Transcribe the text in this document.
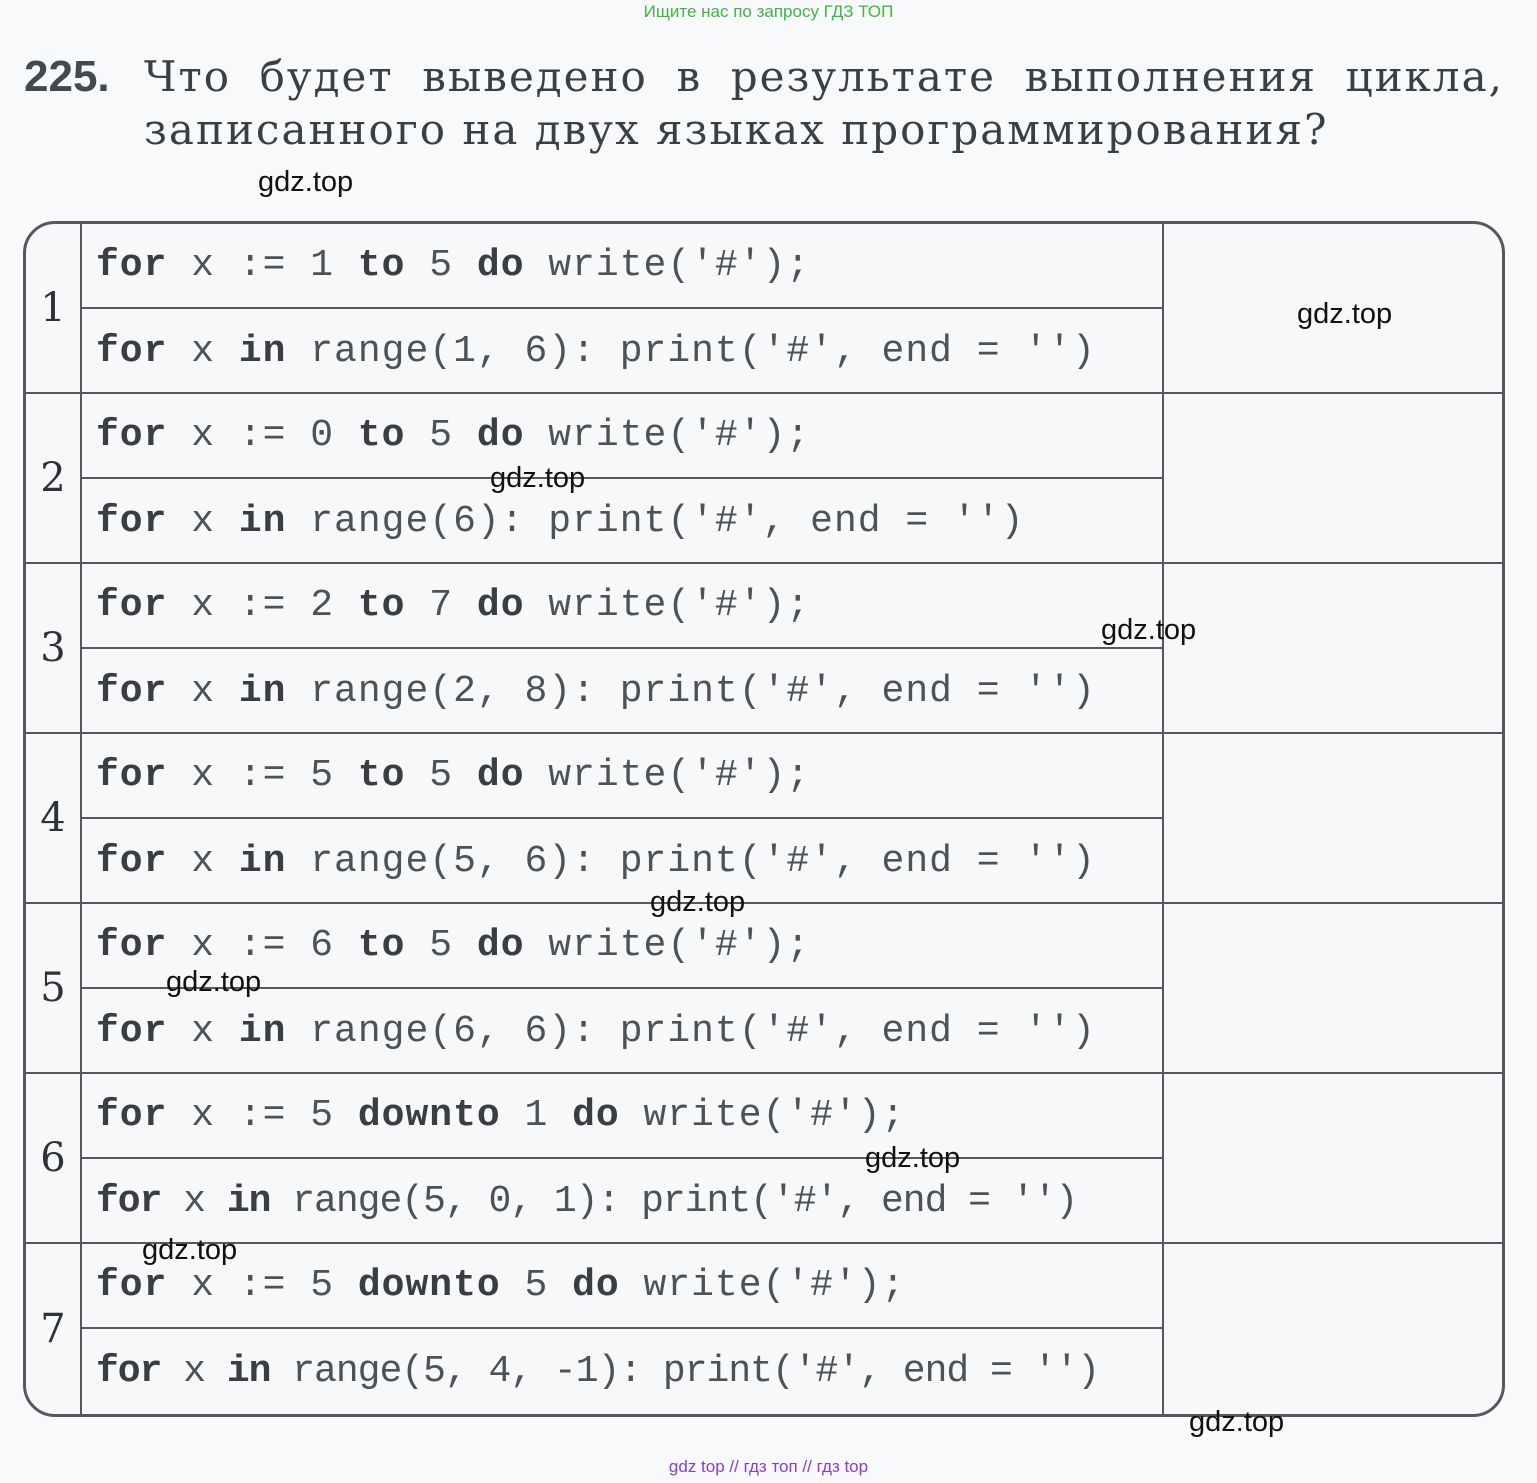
Ищите нас по запросу ГДЗ ТОП
225. Что будет выведено в результате выполнения цикла, записанного на двух языках программирования?
1
for x := 1 to 5 do write('#');
for x in range(1, 6): print('#', end = '')
2
for x := 0 to 5 do write('#');
for x in range(6): print('#', end = '')
3
for x := 2 to 7 do write('#');
for x in range(2, 8): print('#', end = '')
4
for x := 5 to 5 do write('#');
for x in range(5, 6): print('#', end = '')
5
for x := 6 to 5 do write('#');
for x in range(6, 6): print('#', end = '')
6
for x := 5 downto 1 do write('#');
for x in range(5, 0, 1): print('#', end = '')
7
for x := 5 downto 5 do write('#');
for x in range(5, 4, -1): print('#', end = '')
gdz.top
gdz.top
gdz.top
gdz.top
gdz.top
gdz.top
gdz.top
gdz.top
gdz.top
gdz top // гдз топ // гдз top
